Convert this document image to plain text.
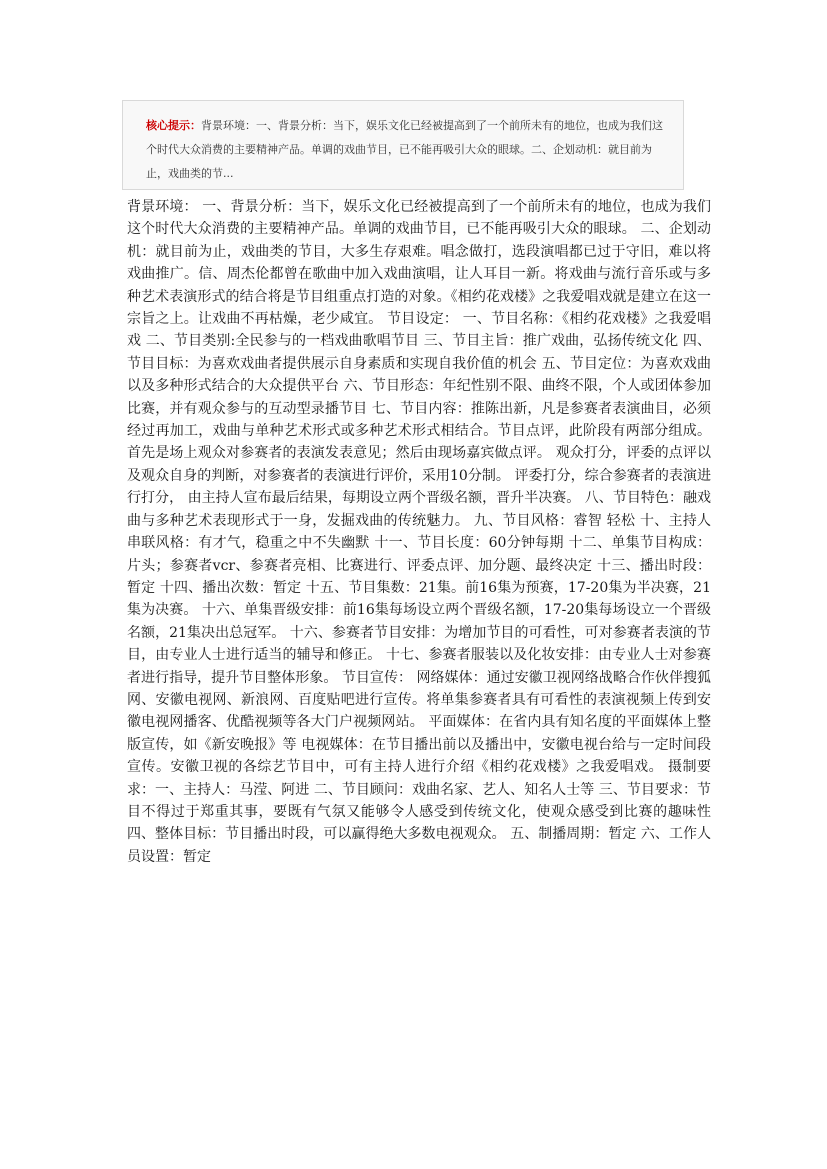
核心提示：背景环境：一、背景分析：当下，娱乐文化已经被提高到了一个前所未有的地位，也成为我们这个时代大众消费的主要精神产品。单调的戏曲节目，已不能再吸引大众的眼球。二、企划动机：就目前为止，戏曲类的节...
背景环境： 一、背景分析：当下，娱乐文化已经被提高到了一个前所未有的地位，也成为我们这个时代大众消费的主要精神产品。单调的戏曲节目，已不能再吸引大众的眼球。 二、企划动机：就目前为止，戏曲类的节目，大多生存艰难。唱念做打，选段演唱都已过于守旧，难以将戏曲推广。信、周杰伦都曾在歌曲中加入戏曲演唱，让人耳目一新。将戏曲与流行音乐或与多种艺术表演形式的结合将是节目组重点打造的对象。《相约花戏楼》之我爱唱戏就是建立在这一宗旨之上。让戏曲不再枯燥，老少咸宜。 节目设定： 一、节目名称：《相约花戏楼》之我爱唱戏 二、节目类别:全民参与的一档戏曲歌唱节目 三、节目主旨：推广戏曲，弘扬传统文化 四、节目目标：为喜欢戏曲者提供展示自身素质和实现自我价值的机会 五、节目定位：为喜欢戏曲以及多种形式结合的大众提供平台 六、节目形态：年纪性别不限、曲终不限，个人或团体参加比赛，并有观众参与的互动型录播节目 七、节目内容：推陈出新，凡是参赛者表演曲目，必须经过再加工，戏曲与单种艺术形式或多种艺术形式相结合。节目点评，此阶段有两部分组成。首先是场上观众对参赛者的表演发表意见；然后由现场嘉宾做点评。 观众打分，评委的点评以及观众自身的判断，对参赛者的表演进行评价，采用10分制。 评委打分，综合参赛者的表演进行打分， 由主持人宣布最后结果，每期设立两个晋级名额，晋升半决赛。 八、节目特色：融戏曲与多种艺术表现形式于一身，发掘戏曲的传统魅力。 九、节目风格：睿智 轻松 十、主持人串联风格：有才气，稳重之中不失幽默 十一、节目长度：60分钟每期 十二、单集节目构成：片头；参赛者vcr、参赛者亮相、比赛进行、评委点评、加分题、最终决定 十三、播出时段：暂定 十四、播出次数：暂定 十五、节目集数：21集。前16集为预赛，17-20集为半决赛，21集为决赛。 十六、单集晋级安排：前16集每场设立两个晋级名额，17-20集每场设立一个晋级名额，21集决出总冠军。 十六、参赛者节目安排：为增加节目的可看性，可对参赛者表演的节目，由专业人士进行适当的辅导和修正。 十七、参赛者服装以及化妆安排：由专业人士对参赛者进行指导，提升节目整体形象。 节目宣传： 网络媒体：通过安徽卫视网络战略合作伙伴搜狐网、安徽电视网、新浪网、百度贴吧进行宣传。将单集参赛者具有可看性的表演视频上传到安徽电视网播客、优酷视频等各大门户视频网站。 平面媒体：在省内具有知名度的平面媒体上整版宣传，如《新安晚报》等 电视媒体：在节目播出前以及播出中，安徽电视台给与一定时间段宣传。安徽卫视的各综艺节目中，可有主持人进行介绍《相约花戏楼》之我爱唱戏。 摄制要求：一、主持人：马滢、阿进 二、节目顾问：戏曲名家、艺人、知名人士等 三、节目要求：节目不得过于郑重其事，要既有气氛又能够令人感受到传统文化，使观众感受到比赛的趣味性 四、整体目标：节目播出时段，可以赢得绝大多数电视观众。 五、制播周期：暂定 六、工作人员设置：暂定
